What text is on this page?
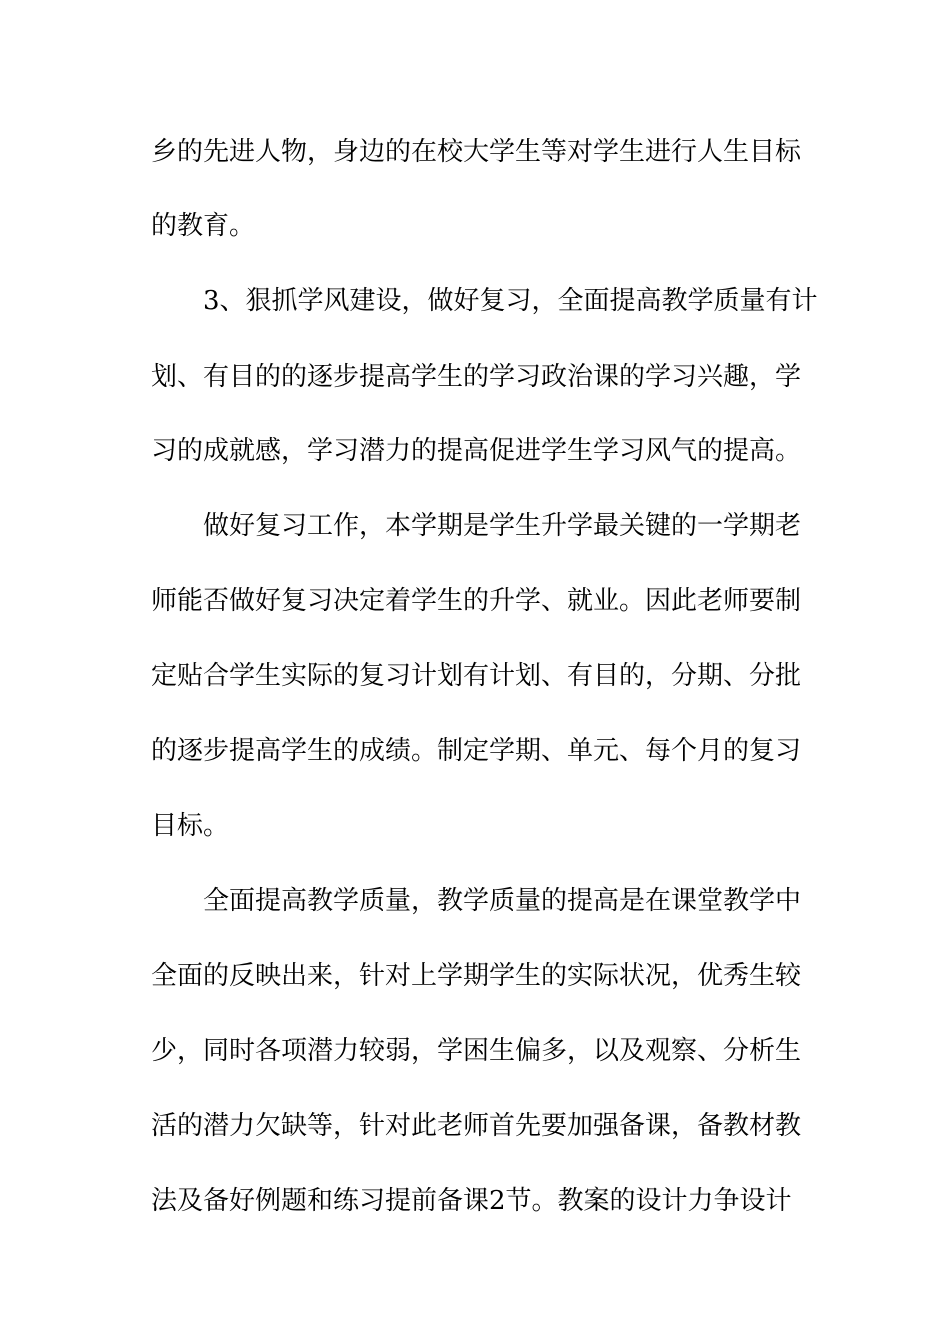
乡的先进人物，身边的在校大学生等对学生进行人生目标
的教育。
3、狠抓学风建设，做好复习，全面提高教学质量有计
划、有目的的逐步提高学生的学习政治课的学习兴趣，学
习的成就感，学习潜力的提高促进学生学习风气的提高。
做好复习工作，本学期是学生升学最关键的一学期老
师能否做好复习决定着学生的升学、就业。因此老师要制
定贴合学生实际的复习计划有计划、有目的，分期、分批
的逐步提高学生的成绩。制定学期、单元、每个月的复习
目标。
全面提高教学质量，教学质量的提高是在课堂教学中
全面的反映出来，针对上学期学生的实际状况，优秀生较
少，同时各项潜力较弱，学困生偏多，以及观察、分析生
活的潜力欠缺等，针对此老师首先要加强备课，备教材教
法及备好例题和练习提前备课2节。教案的设计力争设计
